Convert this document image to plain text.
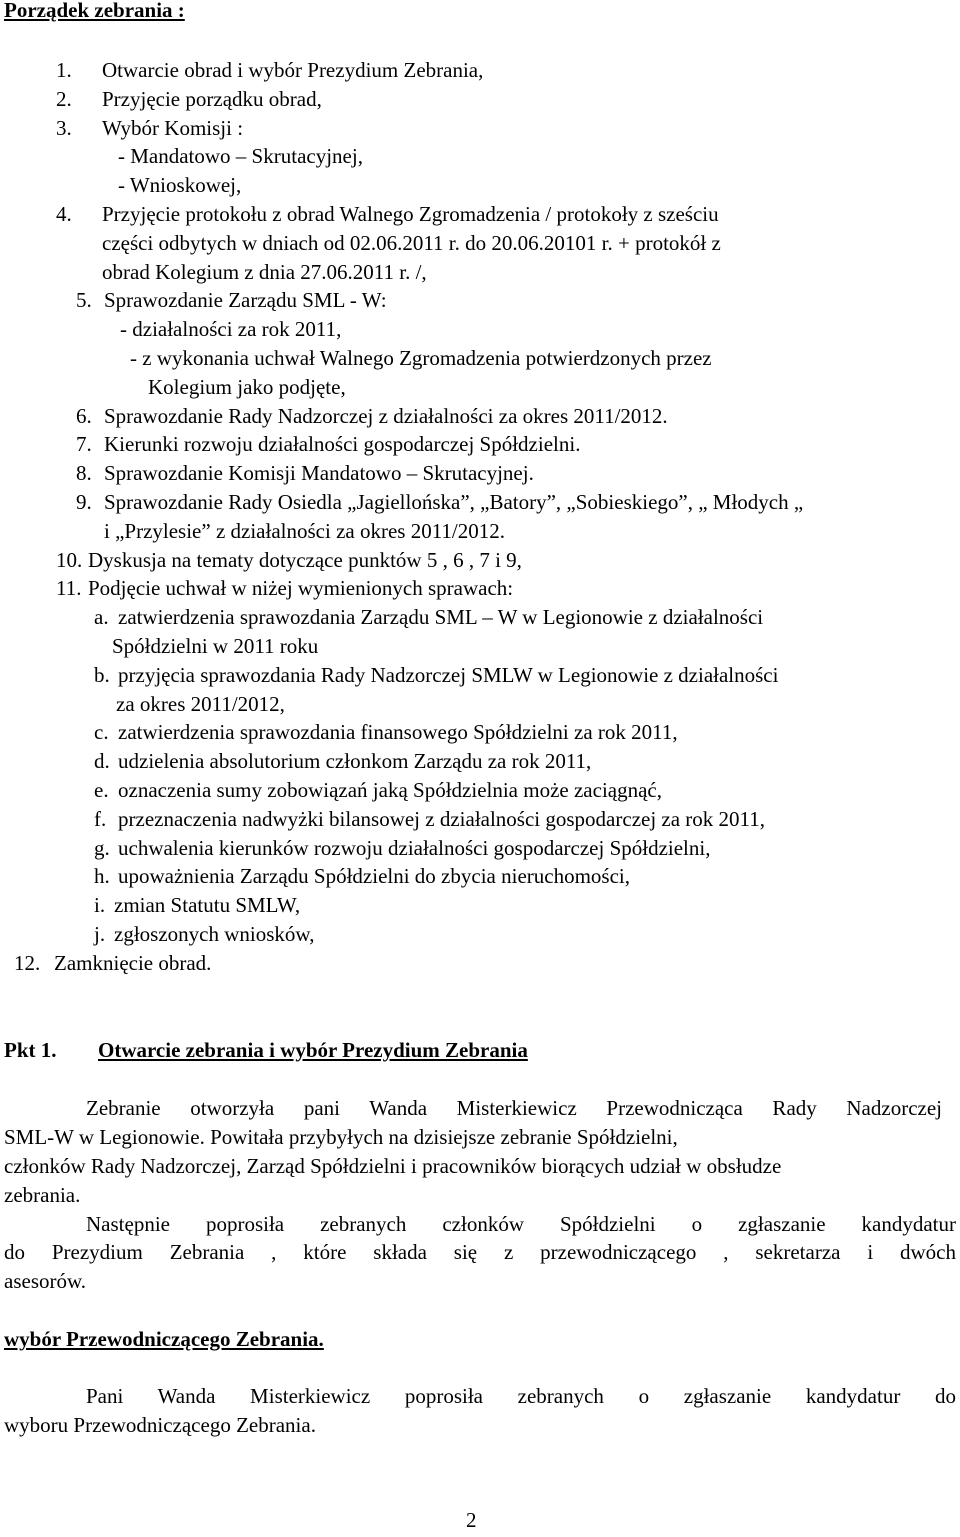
Porządek zebrania :
1. Otwarcie obrad i wybór Prezydium Zebrania,
2. Przyjęcie porządku obrad,
3. Wybór Komisji :
- Mandatowo – Skrutacyjnej,
- Wnioskowej,
4. Przyjęcie protokołu z obrad Walnego Zgromadzenia / protokoły z sześciu
części odbytych w dniach od 02.06.2011 r. do 20.06.20101 r. + protokół z
obrad Kolegium z dnia 27.06.2011 r. /,
5. Sprawozdanie Zarządu SML - W:
- działalności za rok 2011,
- z wykonania uchwał Walnego Zgromadzenia potwierdzonych przez
Kolegium jako podjęte,
6. Sprawozdanie Rady Nadzorczej z działalności za okres 2011/2012.
7. Kierunki rozwoju działalności gospodarczej Spółdzielni.
8. Sprawozdanie Komisji Mandatowo – Skrutacyjnej.
9. Sprawozdanie Rady Osiedla „Jagiellońska”, „Batory”, „Sobieskiego”, „ Młodych „
i „Przylesie” z działalności za okres 2011/2012.
10. Dyskusja na tematy dotyczące punktów 5 , 6 , 7 i 9,
11. Podjęcie uchwał w niżej wymienionych sprawach:
a. zatwierdzenia sprawozdania Zarządu SML – W w Legionowie z działalności
Spółdzielni w 2011 roku
b. przyjęcia sprawozdania Rady Nadzorczej SMLW w Legionowie z działalności
za okres 2011/2012,
c. zatwierdzenia sprawozdania finansowego Spółdzielni za rok 2011,
d. udzielenia absolutorium członkom Zarządu za rok 2011,
e. oznaczenia sumy zobowiązań jaką Spółdzielnia może zaciągnąć,
f. przeznaczenia nadwyżki bilansowej z działalności gospodarczej za rok 2011,
g. uchwalenia kierunków rozwoju działalności gospodarczej Spółdzielni,
h. upoważnienia Zarządu Spółdzielni do zbycia nieruchomości,
i. zmian Statutu SMLW,
j. zgłoszonych wniosków,
12. Zamknięcie obrad.
Pkt 1. Otwarcie zebrania i wybór Prezydium Zebrania
Zebranie otworzyła pani Wanda Misterkiewicz Przewodnicząca Rady Nadzorczej
SML-W w Legionowie. Powitała przybyłych na dzisiejsze zebranie Spółdzielni,
członków Rady Nadzorczej, Zarząd Spółdzielni i pracowników biorących udział w obsłudze
zebrania.
Następnie poprosiła zebranych członków Spółdzielni o zgłaszanie kandydatur
do Prezydium Zebrania , które składa się z przewodniczącego , sekretarza i dwóch
asesorów.
wybór Przewodniczącego Zebrania.
Pani Wanda Misterkiewicz poprosiła zebranych o zgłaszanie kandydatur do
wyboru Przewodniczącego Zebrania.
2
